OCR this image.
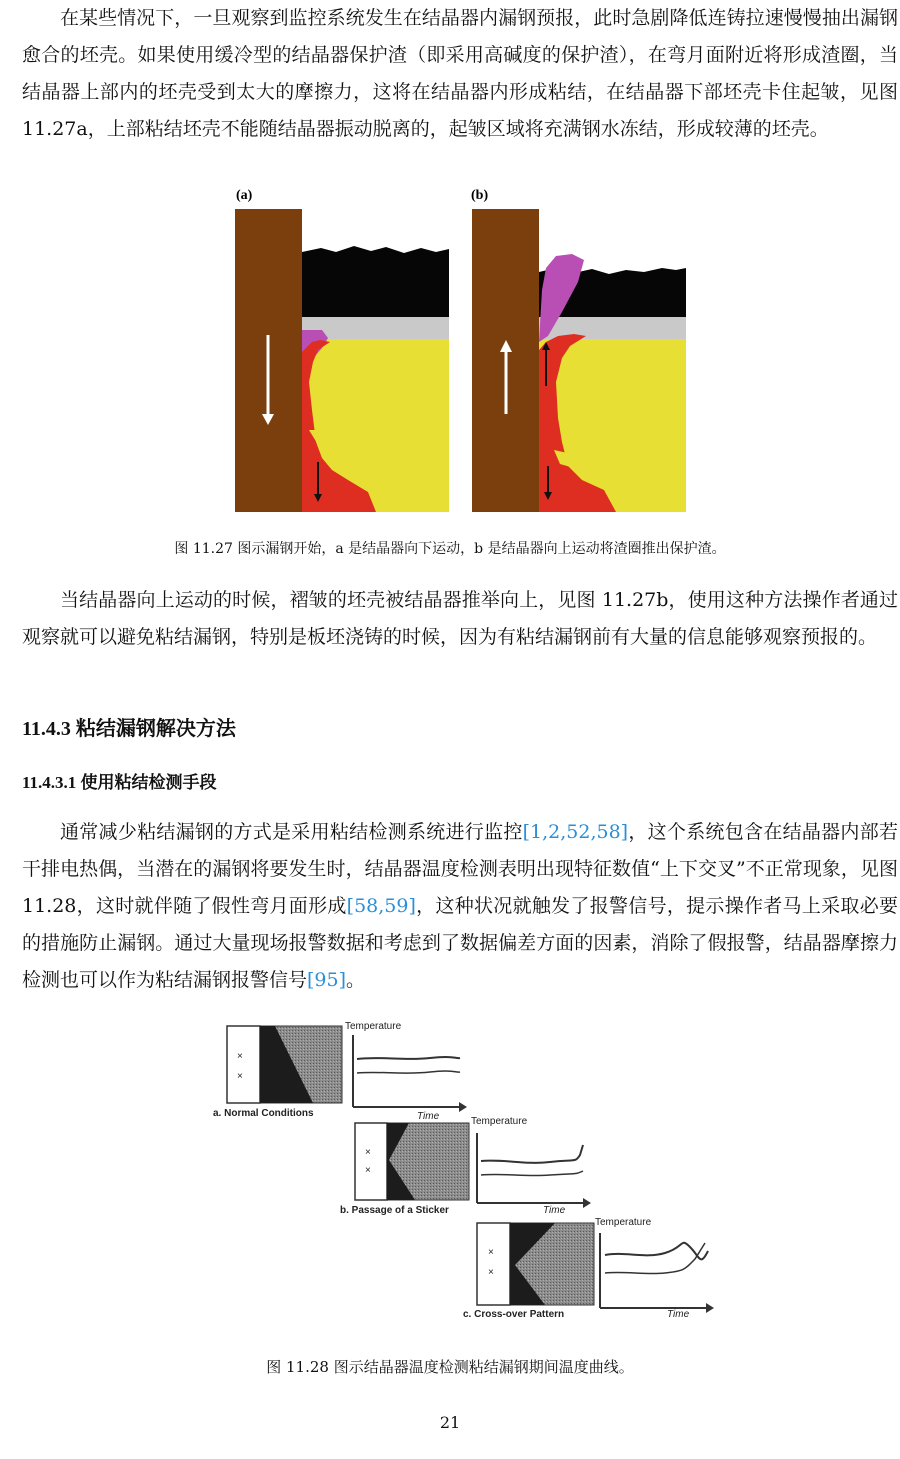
在某些情况下，一旦观察到监控系统发生在结晶器内漏钢预报，此时急剧降低连铸拉速慢慢抽出漏钢愈合的坯壳。如果使用缓冷型的结晶器保护渣（即采用高碱度的保护渣），在弯月面附近将形成渣圈，当结晶器上部内的坯壳受到太大的摩擦力，这将在结晶器内形成粘结，在结晶器下部坯壳卡住起皱，见图 11.27a，上部粘结坯壳不能随结晶器振动脱离的，起皱区域将充满钢水冻结，形成较薄的坯壳。

(a)	(b)

图 11.27 图示漏钢开始，a 是结晶器向下运动，b 是结晶器向上运动将渣圈推出保护渣。

当结晶器向上运动的时候，褶皱的坯壳被结晶器推举向上，见图 11.27b，使用这种方法操作者通过观察就可以避免粘结漏钢，特别是板坯浇铸的时候，因为有粘结漏钢前有大量的信息能够观察预报的。

11.4.3 粘结漏钢解决方法
11.4.3.1 使用粘结检测手段

通常减少粘结漏钢的方式是采用粘结检测系统进行监控[1,2,52,58]，这个系统包含在结晶器内部若干排电热偶，当潜在的漏钢将要发生时，结晶器温度检测表明出现特征数值“上下交叉”不正常现象，见图 11.28，这时就伴随了假性弯月面形成[58,59]，这种状况就触发了报警信号，提示操作者马上采取必要的措施防止漏钢。通过大量现场报警数据和考虑到了数据偏差方面的因素，消除了假报警，结晶器摩擦力检测也可以作为粘结漏钢报警信号[95]。

×
×
Temperature
Time
a. Normal Conditions
×
×
Temperature
Time
b. Passage of a Sticker
×
×
Temperature
Time
c. Cross-over Pattern

图 11.28 图示结晶器温度检测粘结漏钢期间温度曲线。

21
